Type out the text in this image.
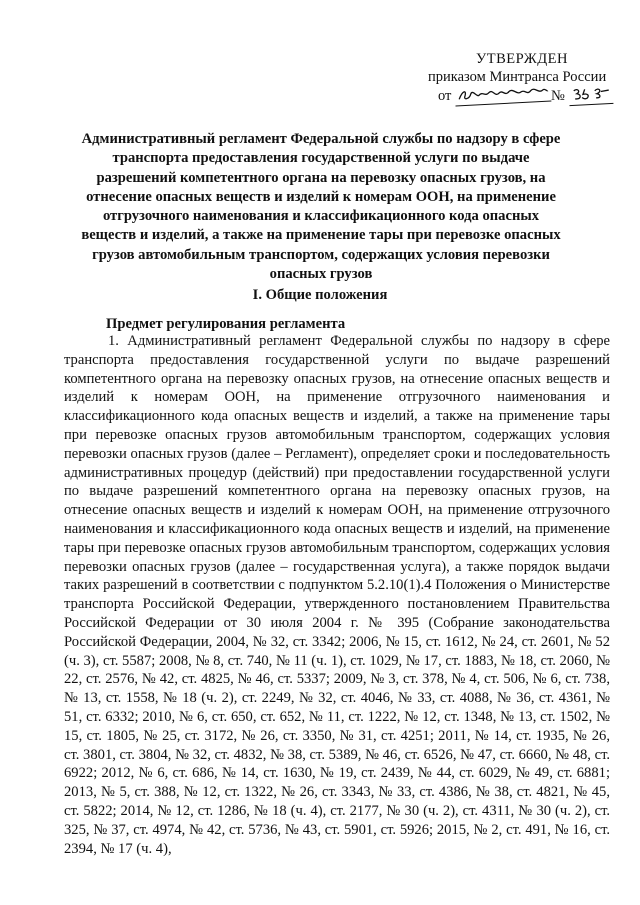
УТВЕРЖДЕН
приказом Минтранса России
от	№
Административный регламент Федеральной службы по надзору в сфере транспорта предоставления государственной услуги по выдаче разрешений компетентного органа на перевозку опасных грузов, на отнесение опасных веществ и изделий к номерам ООН, на применение отгрузочного наименования и классификационного кода опасных веществ и изделий, а также на применение тары при перевозке опасных грузов автомобильным транспортом, содержащих условия перевозки опасных грузов
I. Общие положения
Предмет регулирования регламента

1. Административный регламент Федеральной службы по надзору в сфере транспорта предоставления государственной услуги по выдаче разрешений компетентного органа на перевозку опасных грузов, на отнесение опасных веществ и изделий к номерам ООН, на применение отгрузочного наименования и классификационного кода опасных веществ и изделий, а также на применение тары при перевозке опасных грузов автомобильным транспортом, содержащих условия перевозки опасных грузов (далее – Регламент), определяет сроки и последовательность административных процедур (действий) при предоставлении государственной услуги по выдаче разрешений компетентного органа на перевозку опасных грузов, на отнесение опасных веществ и изделий к номерам ООН, на применение отгрузочного наименования и классификационного кода опасных веществ и изделий, на применение тары при перевозке опасных грузов автомобильным транспортом, содержащих условия перевозки опасных грузов (далее – государственная услуга), а также порядок выдачи таких разрешений в соответствии с подпунктом 5.2.10(1).4 Положения о Министерстве транспорта Российской Федерации, утвержденного постановлением Правительства Российской Федерации от 30 июля 2004 г. № 395 (Собрание законодательства Российской Федерации, 2004, № 32, ст. 3342; 2006, № 15, ст. 1612, № 24, ст. 2601, № 52 (ч. 3), ст. 5587; 2008, № 8, ст. 740, № 11 (ч. 1), ст. 1029, № 17, ст. 1883, № 18, ст. 2060, № 22, ст. 2576, № 42, ст. 4825, № 46, ст. 5337; 2009, № 3, ст. 378, № 4, ст. 506, № 6, ст. 738, № 13, ст. 1558, № 18 (ч. 2), ст. 2249, № 32, ст. 4046, № 33, ст. 4088, № 36, ст. 4361, № 51, ст. 6332; 2010, № 6, ст. 650, ст. 652, № 11, ст. 1222, № 12, ст. 1348, № 13, ст. 1502, № 15, ст. 1805, № 25, ст. 3172, № 26, ст. 3350, № 31, ст. 4251; 2011, № 14, ст. 1935, № 26, ст. 3801, ст. 3804, № 32, ст. 4832, № 38, ст. 5389, № 46, ст. 6526, № 47, ст. 6660, № 48, ст. 6922; 2012, № 6, ст. 686, № 14, ст. 1630, № 19, ст. 2439, № 44, ст. 6029, № 49, ст. 6881; 2013, № 5, ст. 388, № 12, ст. 1322, № 26, ст. 3343, № 33, ст. 4386, № 38, ст. 4821, № 45, ст. 5822; 2014, № 12, ст. 1286, № 18 (ч. 4), ст. 2177, № 30 (ч. 2), ст. 4311, № 30 (ч. 2), ст. 325, № 37, ст. 4974, № 42, ст. 5736, № 43, ст. 5901, ст. 5926; 2015, № 2, ст. 491, № 16, ст. 2394, № 17 (ч. 4),
